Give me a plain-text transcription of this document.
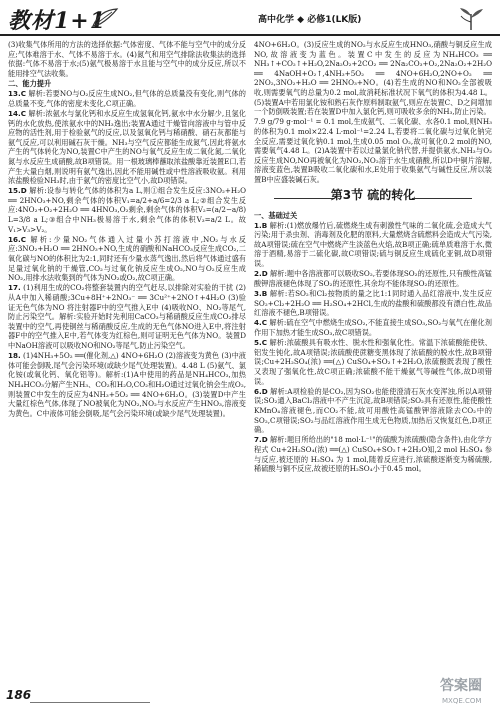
教材1+1	高中化学 ◆ 必修1(LK版)

(3)收集气体所用的方法的选择依据:气体密度、气体不能与空气中的成分反应;气体难溶于水、气体不易溶于水。(4)氮气和用空气排除法收集法的选择依据:气体不易溶于水;(5)氨气极易溶于水且能与空气中的成分反应,所以不能用排空气法收集。

二、能力提升

13.C 解析:若要NO与O₂反应生成NO₂,但气体的总质量没有变化,则气体的总质量不变,气体的密度未变化,C项正确。

14.C 解析:浓氨水与氯化钙和水反应生成氢氧化钙,氨水中水分解少,且氢化钙的水化放热,使浓氨水中的NH₃逸出;装置A通过干燥管向溶液中与管中反应物的活性剂,用于检验氨气的反应,以及氢氧化钙与稀硝酸、硝石灰都能与氨气反应,可以利用碱石灰干燥。NH₃与空气反应都能生成氮气,因此将氨水产生的气体转化为NO,装置C中产生的NO与氧气反应生成二氧化氮,二氧化氮与水反应生成硝酸,故B项错误。用一根玻璃棒蘸取浓盐酸靠近装置E口,若产生大量白烟,则说明有氨气逸出,因此不能用碱性或中性溶液吸收氨。利用浓盐酸检验NH₃时,由于氨气的密度比空气小,故D项错误。

15.D 解析:设参与转化气体的体积为a L,则①组合发生反应:3NO₂+H₂O ══ 2HNO₃+NO,剩余气体的体积V₁=a/2+a/6=2/3 a L;②组合发生反应:4NO₂+O₂+2H₂O ══ 4HNO₃,O₂剩余,剩余气体的体积V₂=(a/2−a/8) L=3/8 a L;③组合中NH₃极易溶于水,剩余气体的体积V₃=a/2 L。故V₁>V₃>V₂。

16.C 解析:少量NO₂气体通入过量小苏打溶液中,NO₂与水反应:3NO₂+H₂O ══ 2HNO₃+NO,生成的硝酸和NaHCO₃反应生成CO₂,二氧化碳与NO的体积比为2:1,同时还有少量水蒸气逸出,然后将气体通过盛有足量过氧化钠的干燥管,CO₂与过氧化钠反应生成O₂,NO与O₂反应生成NO₂,用排水法收集到的气体为NO₂或O₂,故C项正确。

17. (1)利用生成的CO₂将整套装置内的空气赶尽,以排除对实验的干扰 (2)从A中加入稀硝酸;3Cu+8H⁺+2NO₃⁻ ══ 3Cu²⁺+2NO↑+4H₂O (3)验证无色气体为NO 将注射器F中的空气推入E中 (4)吸收NO、NO₂等尾气,防止污染空气。解析:实验开始时先利用CaCO₃与稀硝酸反应生成CO₂排尽装置中的空气,再使铜丝与稀硝酸反应,生成的无色气体NO进入E中,将注射器F中的空气推入E中,若气体变为红棕色,则可证明无色气体为NO。装置D中NaOH溶液可以吸收NO和NO₂等尾气,防止污染空气。

18. (1)4NH₃+5O₂ ══(催化剂,△) 4NO+6H₂O (2)溶液变为黄色 (3)中液体可能会倒吸,尾气会污染环境(或缺少尾气处理装置)。4.48 L (5)氨气、氯化铵(或氧化钙、氧化铝等)。解析:(1)A中使用的药品是NH₄HCO₃,加热NH₄HCO₃分解产生NH₃、CO₂和H₂O,CO₂和H₂O通过过氧化钠会生成O₂,则装置C中发生的反应为4NH₃+5O₂ ══ 4NO+6H₂O。(3)装置D中产生大量红棕色气体,体现了NO被氧化为NO₂,NO₂与水反应产生HNO₃,溶液变为黄色。C中液体可能会倒吸,尾气会污染环境(或缺少尾气处理装置)。

4NO+6H₂O。(3)反应生成的NO₂与水反应生成HNO₃,硝酸与铜反应生成NO,故溶液变为蓝色。装置C中发生的反应为NH₄HCO₃ ══ NH₃↑+CO₂↑+H₂O,2Na₂O₂+2CO₂ ══ 2Na₂CO₃+O₂,2Na₂O₂+2H₂O ══ 4NaOH+O₂↑,4NH₃+5O₂ ══ 4NO+6H₂O,2NO+O₂ ══ 2NO₂,3NO₂+H₂O ══ 2HNO₃+NO。(4)若生成的NO和NO₂全部被吸收,则需要氧气的总量为0.2 mol,故消耗标准状况下氧气的体积为4.48 L。(5)装置A中若用氯化铵和熟石灰作原料制取氨气,则应在装置C、D之间增加一个防倒吸装置;若在装置D中加入氯化钙,则可吸收多余的NH₃,防止污染。

7.9 g/79 g·mol⁻¹ = 0.1 mol,生成氨气、二氧化碳、水各0.1 mol,则NH₃的体积为0.1 mol×22.4 L·mol⁻¹=2.24 L,若要将二氧化碳与过氧化钠完全反应,需要过氧化钠0.1 mol,生成0.05 mol O₂,故可氧化0.2 mol的NO,需要氧气4.48 L。(2)A装置中若以过量氯化钠代替,并提供氨水,NH₃与O₂反应生成NO,NO再被氧化为NO₂,NO₂溶于水生成硝酸,所以D中铜片溶解,溶液变蓝色,装置B吸收二氧化碳和水,E处用于收集氨气与碱性反应,所以装置B中应盛装碱石灰。

第3节 硫的转化

一、基础过关

1.B 解析:(1)燃放爆竹后,硫燃烧生成有刺激性气味的二氧化硫,会造成大气污染;用于杀虫剂、消毒剂及化肥的原料,大量燃烧含硫燃料会造成大气污染,故A项错误;硫在空气中燃烧产生淡蓝色火焰,故B项正确;硫单质难溶于水,微溶于酒精,易溶于二硫化碳,故C项错误;硫与铜反应生成硫化亚铜,故D项错误。

2.D 解析:题中各溶液都可以吸收SO₂,若要体现SO₂的还原性,只有酸性高锰酸钾溶液褪色体现了SO₂的还原性,其余均不能体现SO₂的还原性。

3.B 解析:若SO₂和Cl₂按物质的量之比1:1同时通入品红溶液中,发生反应SO₂+Cl₂+2H₂O ══ H₂SO₄+2HCl,生成的盐酸和硫酸都没有漂白性,故品红溶液不褪色,B项错误。

4.C 解析:硫在空气中燃烧生成SO₂,不能直接生成SO₃,SO₂与氧气在催化剂作用下加热才能生成SO₃,故C项错误。

5.C 解析:浓硫酸具有吸水性、脱水性和强氧化性。常温下浓硫酸能使铁、铝发生钝化,故A项错误;浓硫酸使蔗糖变黑体现了浓硫酸的脱水性,故B项错误;Cu+2H₂SO₄(浓) ══(△) CuSO₄+SO₂↑+2H₂O,浓硫酸既表现了酸性又表现了强氧化性,故C项正确;浓硫酸不能干燥氨气等碱性气体,故D项错误。

6.D 解析:A项检验的是CO₂,因为SO₂也能使澄清石灰水变浑浊,所以A项错误;SO₂通入BaCl₂溶液中不产生沉淀,故B项错误;SO₂具有还原性,能使酸性KMnO₄溶液褪色,而CO₂不能,故可用酸性高锰酸钾溶液除去CO₂中的SO₂,C项错误;SO₂与品红溶液作用生成无色物质,加热后又恢复红色,D项正确。

7.D 解析:题目所给出的"18 mol·L⁻¹"的硫酸为浓硫酸(隐含条件),由化学方程式 Cu+2H₂SO₄(浓) ══(△) CuSO₄+SO₂↑+2H₂O知,2 mol H₂SO₄ 参与反应,被还原的 H₂SO₄ 为 1 mol,随着反应进行,浓硫酸逐渐变为稀硫酸,稀硫酸与铜不反应,故被还原的H₂SO₄小于0.45 mol。

186
答案圈
MXQE.COM
